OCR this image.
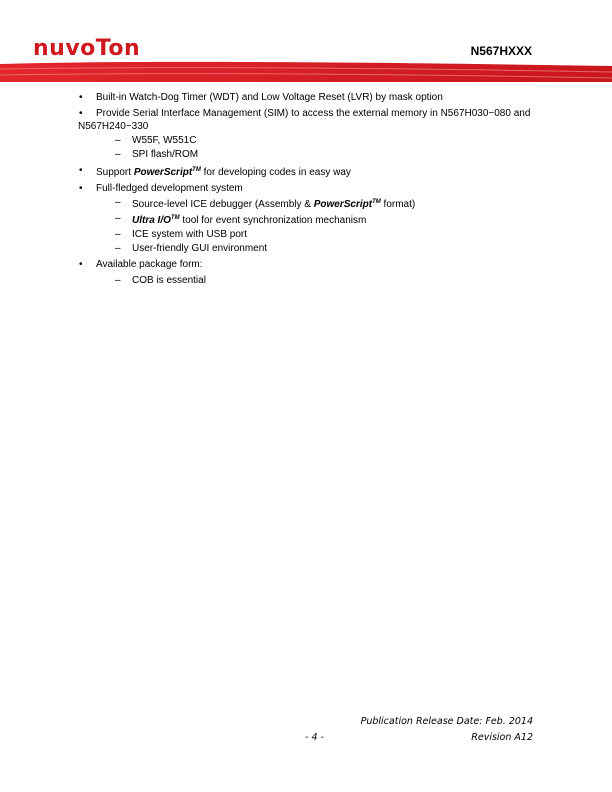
nuvoTon	N567HXXX
• Built-in Watch-Dog Timer (WDT) and Low Voltage Reset (LVR) by mask option
• Provide Serial Interface Management (SIM) to access the external memory in N567H030~080 and
N567H240~330
– W55F, W551C
– SPI flash/ROM
• Support PowerScript™ for developing codes in easy way
• Full-fledged development system
– Source-level ICE debugger (Assembly & PowerScript™ format)
– Ultra I/O™ tool for event synchronization mechanism
– ICE system with USB port
– User-friendly GUI environment
• Available package form:
– COB is essential
Publication Release Date: Feb. 2014
- 4 -	Revision A12
